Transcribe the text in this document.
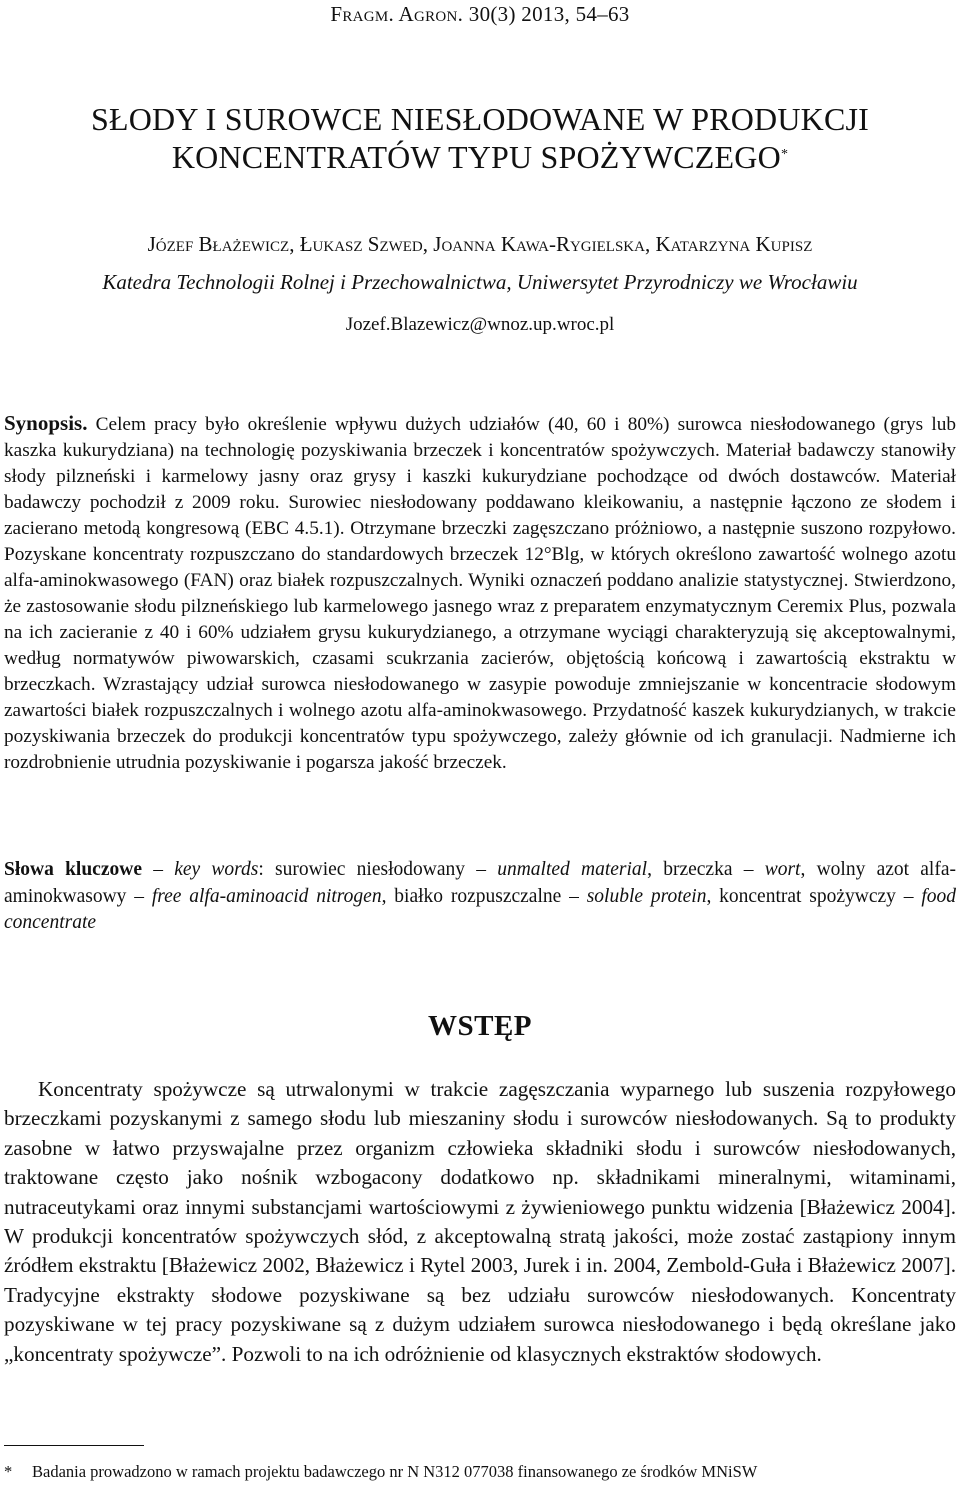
Fragm. Agron. 30(3) 2013, 54–63
SŁODY I SUROWCE NIESŁODOWANE W PRODUKCJI KONCENTRATÓW TYPU SPOŻYWCZEGO*
Józef Błażewicz, Łukasz Szwed, Joanna Kawa-Rygielska, Katarzyna Kupisz
Katedra Technologii Rolnej i Przechowalnictwa, Uniwersytet Przyrodniczy we Wrocławiu
Jozef.Blazewicz@wnoz.up.wroc.pl

Synopsis. Celem pracy było określenie wpływu dużych udziałów (40, 60 i 80%) surowca niesłodowanego (grys lub kaszka kukurydziana) na technologię pozyskiwania brzeczek i koncentratów spożywczych. Materiał badawczy stanowiły słody pilzneński i karmelowy jasny oraz grysy i kaszki kukurydziane pochodzące od dwóch dostawców. Materiał badawczy pochodził z 2009 roku. Surowiec niesłodowany poddawano kleikowaniu, a następnie łączono ze słodem i zacierano metodą kongresową (EBC 4.5.1). Otrzymane brzeczki zagęszczano próżniowo, a następnie suszono rozpyłowo. Pozyskane koncentraty rozpuszczano do standardowych brzeczek 12°Blg, w których określono zawartość wolnego azotu alfa-aminokwasowego (FAN) oraz białek rozpuszczalnych. Wyniki oznaczeń poddano analizie statystycznej. Stwierdzono, że zastosowanie słodu pilzneńskiego lub karmelowego jasnego wraz z preparatem enzymatycznym Ceremix Plus, pozwala na ich zacieranie z 40 i 60% udziałem grysu kukurydzianego, a otrzymane wyciągi charakteryzują się akceptowalnymi, według normatywów piwowarskich, czasami scukrzania zacierów, objętością końcową i zawartością ekstraktu w brzeczkach. Wzrastający udział surowca niesłodowanego w zasypie powoduje zmniejszanie w koncentracie słodowym zawartości białek rozpuszczalnych i wolnego azotu alfa-aminokwasowego. Przydatność kaszek kukurydzianych, w trakcie pozyskiwania brzeczek do produkcji koncentratów typu spożywczego, zależy głównie od ich granulacji. Nadmierne ich rozdrobnienie utrudnia pozyskiwanie i pogarsza jakość brzeczek.

Słowa kluczowe – key words: surowiec niesłodowany – unmalted material, brzeczka – wort, wolny azot alfa-aminokwasowy – free alfa-aminoacid nitrogen, białko rozpuszczalne – soluble protein, koncentrat spożywczy – food concentrate

WSTĘP

Koncentraty spożywcze są utrwalonymi w trakcie zagęszczania wyparnego lub suszenia rozpyłowego brzeczkami pozyskanymi z samego słodu lub mieszaniny słodu i surowców niesłodowanych. Są to produkty zasobne w łatwo przyswajalne przez organizm człowieka składniki słodu i surowców niesłodowanych, traktowane często jako nośnik wzbogacony dodatkowo np. składnikami mineralnymi, witaminami, nutraceutykami oraz innymi substancjami wartościowymi z żywieniowego punktu widzenia [Błażewicz 2004]. W produkcji koncentratów spożywczych słód, z akceptowalną stratą jakości, może zostać zastąpiony innym źródłem ekstraktu [Błażewicz 2002, Błażewicz i Rytel 2003, Jurek i in. 2004, Zembold-Guła i Błażewicz 2007]. Tradycyjne ekstrakty słodowe pozyskiwane są bez udziału surowców niesłodowanych. Koncentraty pozyskiwane w tej pracy pozyskiwane są z dużym udziałem surowca niesłodowanego i będą określane jako „koncentraty spożywcze”. Pozwoli to na ich odróżnienie od klasycznych ekstraktów słodowych.

* Badania prowadzono w ramach projektu badawczego nr N N312 077038 finansowanego ze środków MNiSW
